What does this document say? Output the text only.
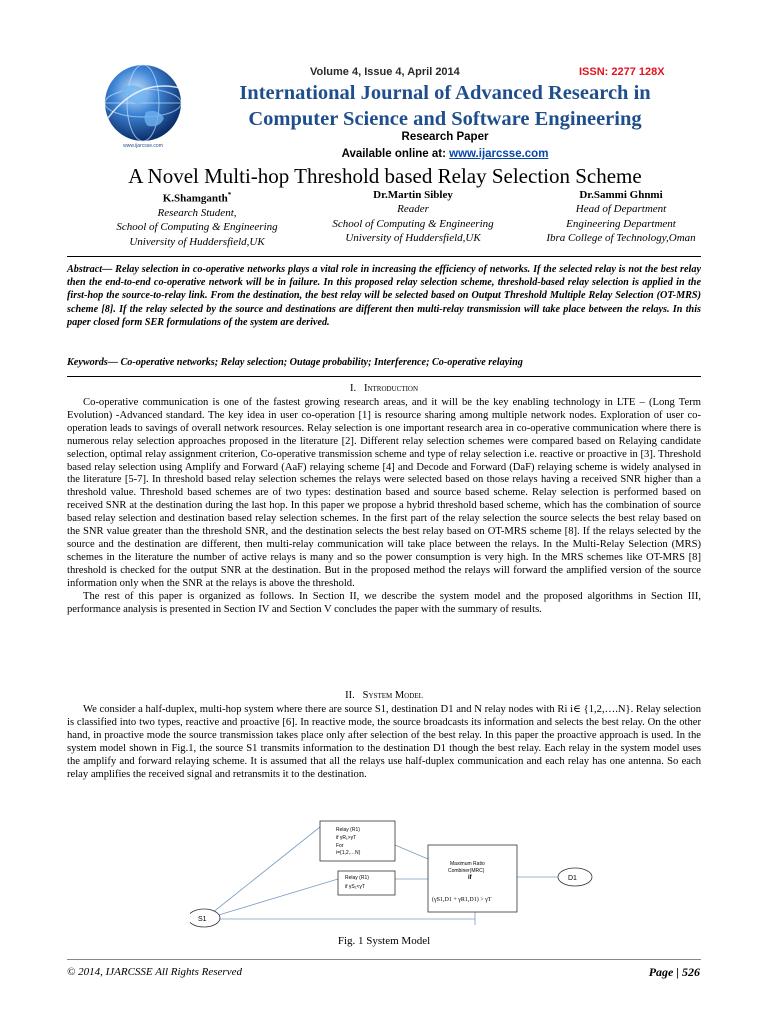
www.ijarcsse.com
Volume 4, Issue 4, April 2014	ISSN: 2277 128X
International Journal of Advanced Research in
Computer Science and Software Engineering
Research Paper
Available online at: www.ijarcsse.com
A Novel Multi-hop Threshold based Relay Selection Scheme
K.Shamganth*
Research Student,
School of Computing & Engineering
University of Huddersfield,UK
Dr.Martin Sibley
Reader
School of Computing & Engineering
University of Huddersfield,UK
Dr.Sammi Ghnmi
Head of Department
Engineering Department
Ibra College of Technology,Oman
Abstract— Relay selection in co-operative networks plays a vital role in increasing the efficiency of networks. If the selected relay is not the best relay then the end-to-end co-operative network will be in failure. In this proposed relay selection scheme, threshold-based relay selection is applied in the first-hop the source-to-relay link. From the destination, the best relay will be selected based on Output Threshold Multiple Relay Selection (OT-MRS) scheme [8]. If the relay selected by the source and destinations are different then multi-relay transmission will take place between the relays. In this paper closed form SER formulations of the system are derived.
Keywords— Co-operative networks; Relay selection; Outage probability; Interference; Co-operative relaying
I. Introduction

Co-operative communication is one of the fastest growing research areas, and it will be the key enabling technology in LTE – (Long Term Evolution) -Advanced standard. The key idea in user co-operation [1] is resource sharing among multiple network nodes. Exploration of user co-operation leads to savings of overall network resources. Relay selection is one important research area in co-operative communication where there is numerous relay selection approaches proposed in the literature [2]. Different relay selection schemes were compared based on Relaying candidate selection, optimal relay assignment criterion, Co-operative transmission scheme and type of relay selection i.e. reactive or proactive in [3]. Threshold based relay selection using Amplify and Forward (AaF) relaying scheme [4] and Decode and Forward (DaF) relaying scheme is widely analysed in the literature [5-7]. In threshold based relay selection schemes the relays were selected based on those relays having a received SNR higher than a threshold value. Threshold based schemes are of two types: destination based and source based scheme. Relay selection is performed based on received SNR at the destination during the last hop. In this paper we propose a hybrid threshold based scheme, which has the combination of source based relay selection and destination based relay selection schemes. In the first part of the relay selection the source selects the best relay based on the SNR value greater than the threshold SNR, and the destination selects the best relay based on OT-MRS scheme [8]. If the relays selected by the source and the destination are different, then multi-relay communication will take place between the relays. In the Multi-Relay Selection (MRS) schemes in the literature the number of active relays is many and so the power consumption is very high. In the MRS schemes like OT-MRS [8] threshold is checked for the output SNR at the destination. But in the proposed method the relays will forward the amplified version of the source information only when the SNR at the relays is above the threshold.

The rest of this paper is organized as follows. In Section II, we describe the system model and the proposed algorithms in Section III, performance analysis is presented in Section IV and Section V concludes the paper with the summary of results.

II. System Model

We consider a half-duplex, multi-hop system where there are source S1, destination D1 and N relay nodes with Ri i∈ {1,2,….N}. Relay selection is classified into two types, reactive and proactive [6]. In reactive mode, the source broadcasts its information and selects the best relay. On the other hand, in proactive mode the source transmission takes place only after selection of the best relay. In this paper the proactive approach is used. In the system model shown in Fig.1, the source S1 transmits information to the destination D1 though the best relay. Each relay in the system model uses the amplify and forward relaying scheme. It is assumed that all the relays use half-duplex communication and each relay has one antenna. So each relay amplifies the received signal and retransmits it to the destination.

Relay (R1)
if γR₁>γT
For
i={1,2,…N}
Relay (R1)
if γS₁<γT
Maximum Ratio
Combiner(MRC)
if
(γS1,D1 + γR1,D1) > γT
S1
D1
Fig. 1 System Model
© 2014, IJARCSSE All Rights Reserved	Page | 526
